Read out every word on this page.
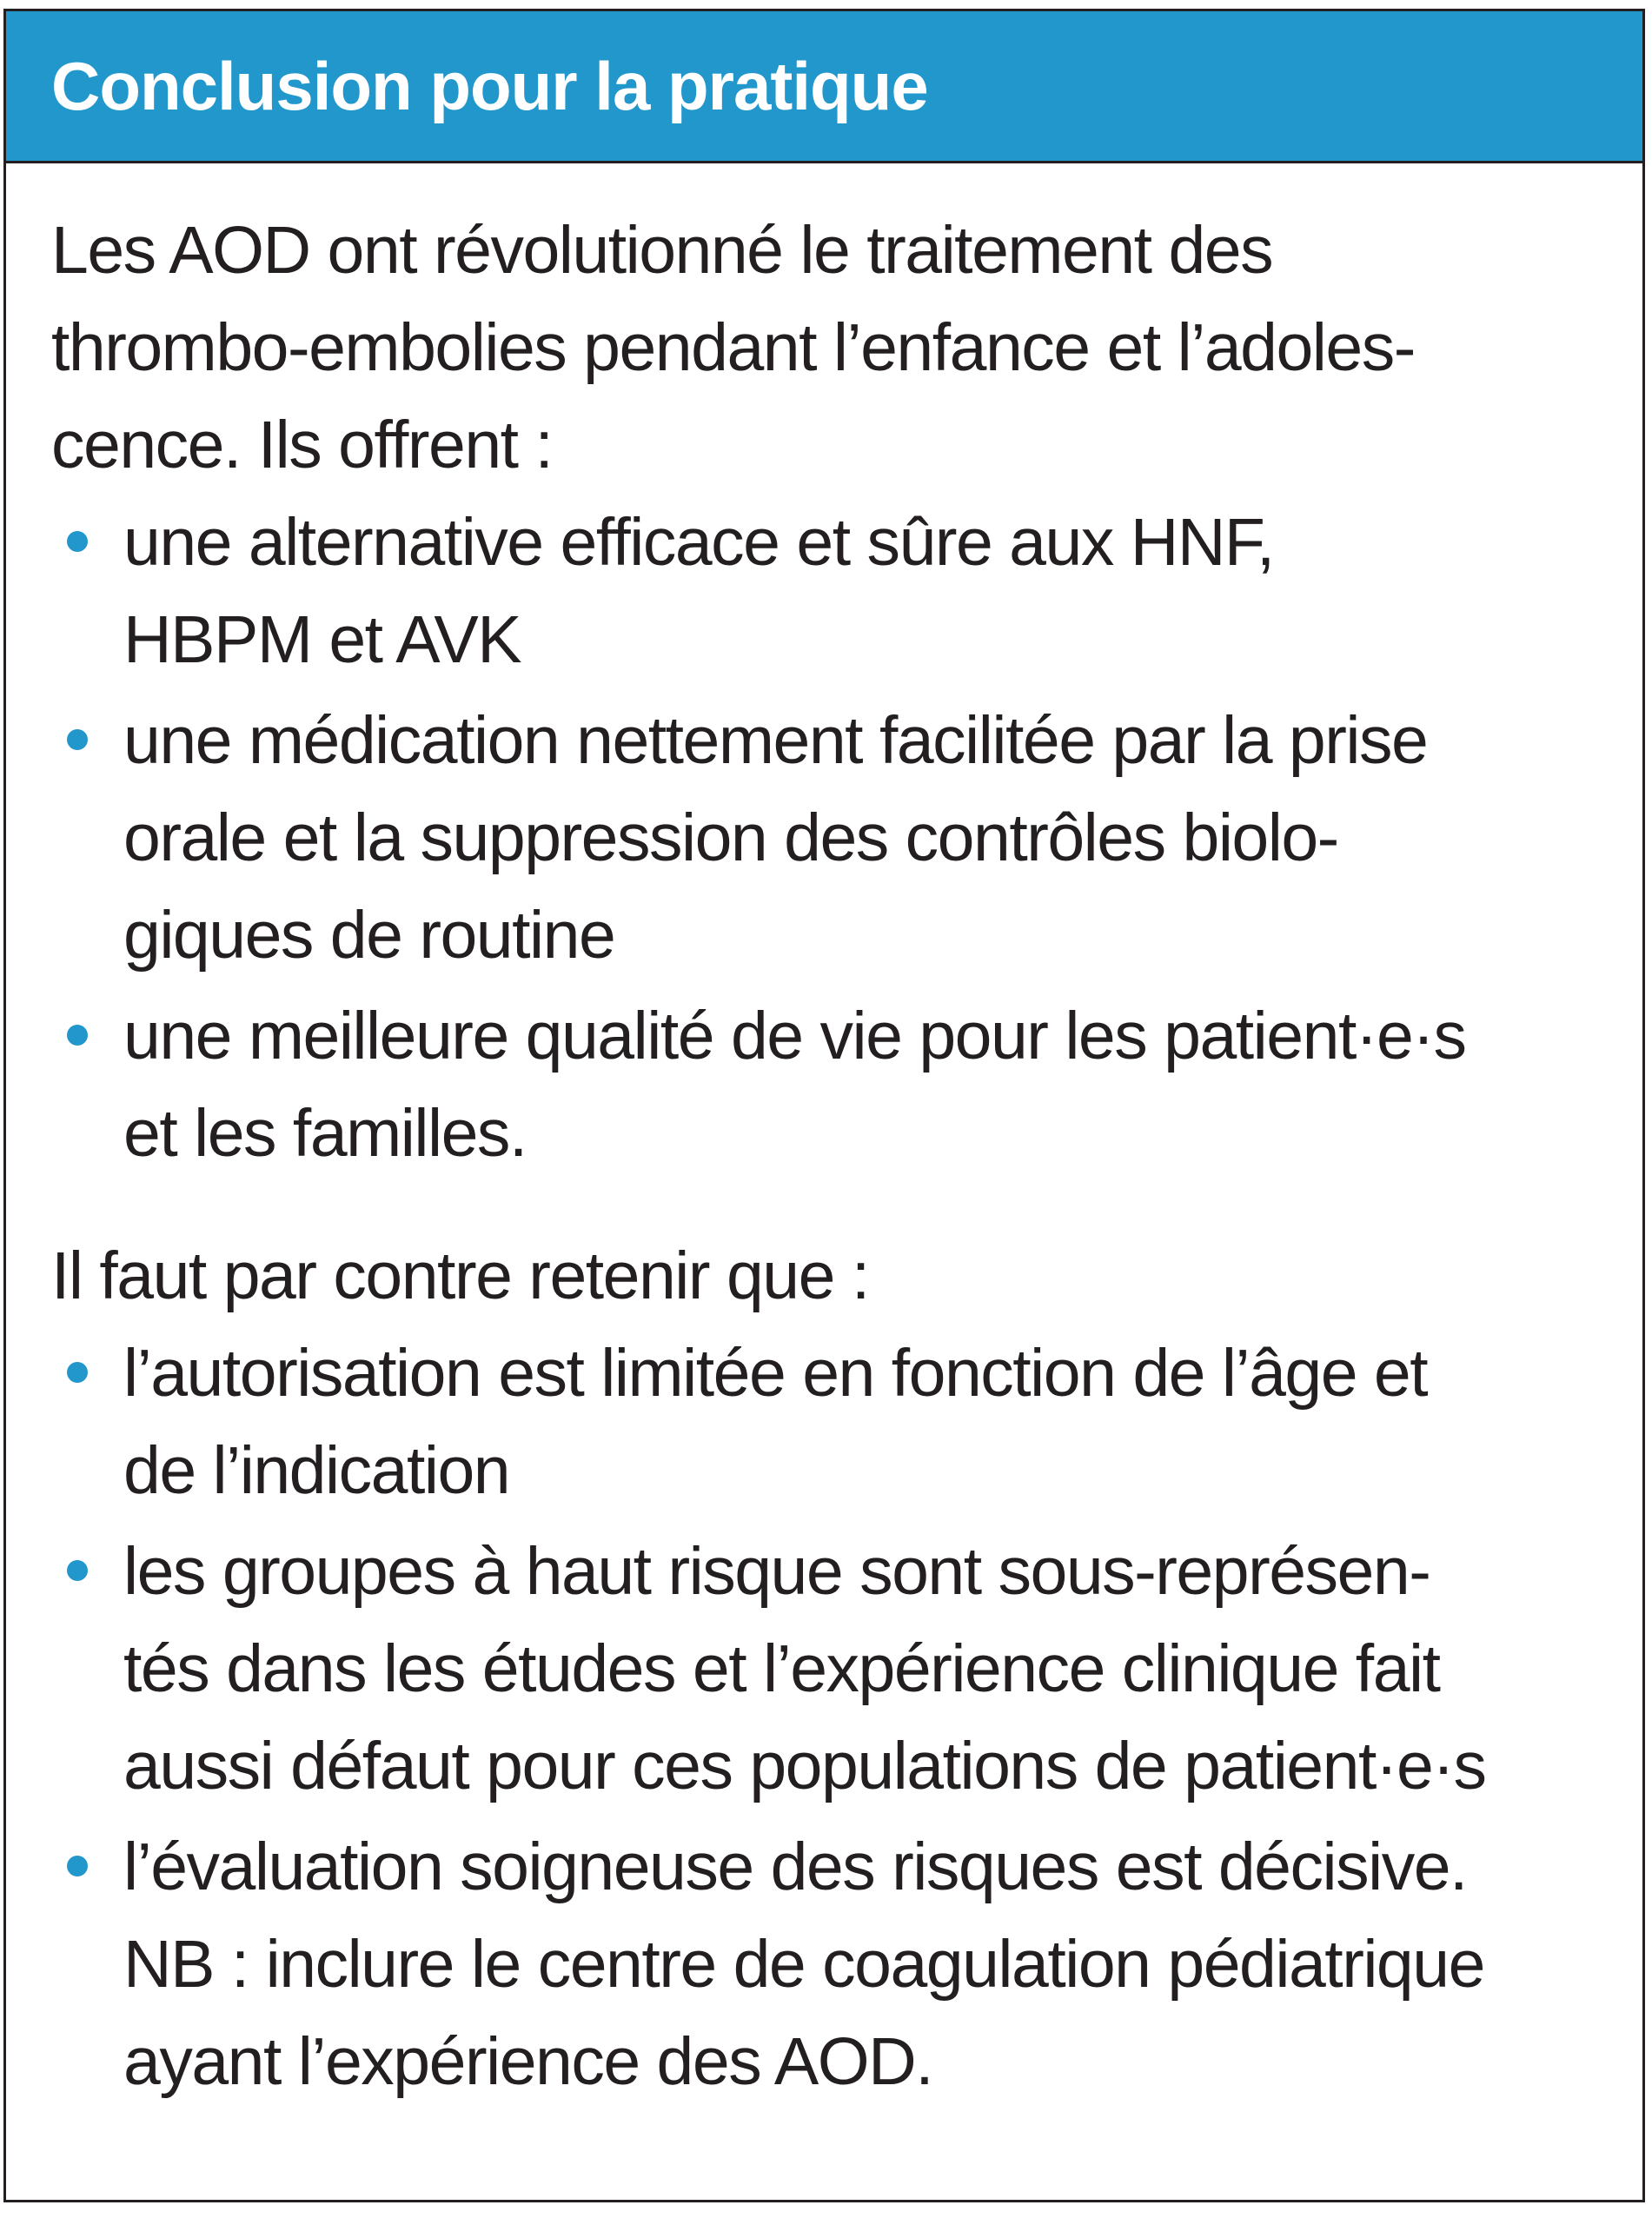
Conclusion pour la pratique

Les AOD ont révolutionné le traitement des
thrombo-embolies pendant l’enfance et l’adoles-
cence. Ils offrent :

une alternative efficace et sûre aux HNF,
HBPM et AVK
une médication nettement facilitée par la prise
orale et la suppression des contrôles biolo-
giques de routine
une meilleure qualité de vie pour les patient·e·s
et les familles.

Il faut par contre retenir que :

l’autorisation est limitée en fonction de l’âge et
de l’indication
les groupes à haut risque sont sous-représen-
tés dans les études et l’expérience clinique fait
aussi défaut pour ces populations de patient·e·s
l’évaluation soigneuse des risques est décisive.
NB : inclure le centre de coagulation pédiatrique
ayant l’expérience des AOD.
